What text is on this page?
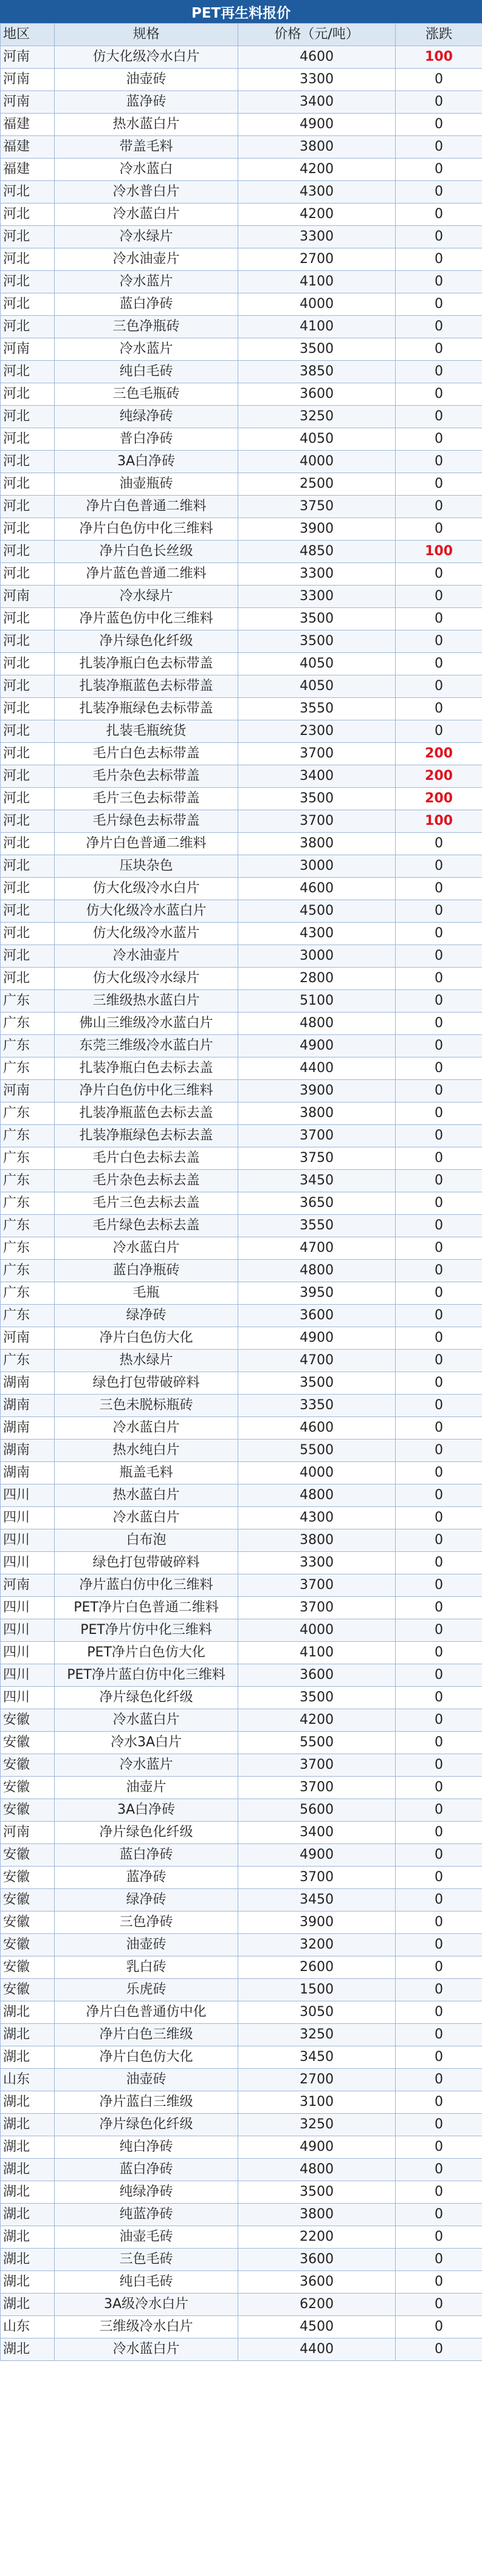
PET再生料报价
地区	规格	价格（元/吨）	涨跌
河南	仿大化级冷水白片	4600	100
河南	油壶砖	3300	0
河南	蓝净砖	3400	0
福建	热水蓝白片	4900	0
福建	带盖毛料	3800	0
福建	冷水蓝白	4200	0
河北	冷水普白片	4300	0
河北	冷水蓝白片	4200	0
河北	冷水绿片	3300	0
河北	冷水油壶片	2700	0
河北	冷水蓝片	4100	0
河北	蓝白净砖	4000	0
河北	三色净瓶砖	4100	0
河南	冷水蓝片	3500	0
河北	纯白毛砖	3850	0
河北	三色毛瓶砖	3600	0
河北	纯绿净砖	3250	0
河北	普白净砖	4050	0
河北	3A白净砖	4000	0
河北	油壶瓶砖	2500	0
河北	净片白色普通二维料	3750	0
河北	净片白色仿中化三维料	3900	0
河北	净片白色长丝级	4850	100
河北	净片蓝色普通二维料	3300	0
河南	冷水绿片	3300	0
河北	净片蓝色仿中化三维料	3500	0
河北	净片绿色化纤级	3500	0
河北	扎装净瓶白色去标带盖	4050	0
河北	扎装净瓶蓝色去标带盖	4050	0
河北	扎装净瓶绿色去标带盖	3550	0
河北	扎装毛瓶统货	2300	0
河北	毛片白色去标带盖	3700	200
河北	毛片杂色去标带盖	3400	200
河北	毛片三色去标带盖	3500	200
河北	毛片绿色去标带盖	3700	100
河北	净片白色普通二维料	3800	0
河北	压块杂色	3000	0
河北	仿大化级冷水白片	4600	0
河北	仿大化级冷水蓝白片	4500	0
河北	仿大化级冷水蓝片	4300	0
河北	冷水油壶片	3000	0
河北	仿大化级冷水绿片	2800	0
广东	三维级热水蓝白片	5100	0
广东	佛山三维级冷水蓝白片	4800	0
广东	东莞三维级冷水蓝白片	4900	0
广东	扎装净瓶白色去标去盖	4400	0
河南	净片白色仿中化三维料	3900	0
广东	扎装净瓶蓝色去标去盖	3800	0
广东	扎装净瓶绿色去标去盖	3700	0
广东	毛片白色去标去盖	3750	0
广东	毛片杂色去标去盖	3450	0
广东	毛片三色去标去盖	3650	0
广东	毛片绿色去标去盖	3550	0
广东	冷水蓝白片	4700	0
广东	蓝白净瓶砖	4800	0
广东	毛瓶	3950	0
广东	绿净砖	3600	0
河南	净片白色仿大化	4900	0
广东	热水绿片	4700	0
湖南	绿色打包带破碎料	3500	0
湖南	三色未脱标瓶砖	3350	0
湖南	冷水蓝白片	4600	0
湖南	热水纯白片	5500	0
湖南	瓶盖毛料	4000	0
四川	热水蓝白片	4800	0
四川	冷水蓝白片	4300	0
四川	白布泡	3800	0
四川	绿色打包带破碎料	3300	0
河南	净片蓝白仿中化三维料	3700	0
四川	PET净片白色普通二维料	3700	0
四川	PET净片仿中化三维料	4000	0
四川	PET净片白色仿大化	4100	0
四川	PET净片蓝白仿中化三维料	3600	0
四川	净片绿色化纤级	3500	0
安徽	冷水蓝白片	4200	0
安徽	冷水3A白片	5500	0
安徽	冷水蓝片	3700	0
安徽	油壶片	3700	0
安徽	3A白净砖	5600	0
河南	净片绿色化纤级	3400	0
安徽	蓝白净砖	4900	0
安徽	蓝净砖	3700	0
安徽	绿净砖	3450	0
安徽	三色净砖	3900	0
安徽	油壶砖	3200	0
安徽	乳白砖	2600	0
安徽	乐虎砖	1500	0
湖北	净片白色普通仿中化	3050	0
湖北	净片白色三维级	3250	0
湖北	净片白色仿大化	3450	0
山东	油壶砖	2700	0
湖北	净片蓝白三维级	3100	0
湖北	净片绿色化纤级	3250	0
湖北	纯白净砖	4900	0
湖北	蓝白净砖	4800	0
湖北	纯绿净砖	3500	0
湖北	纯蓝净砖	3800	0
湖北	油壶毛砖	2200	0
湖北	三色毛砖	3600	0
湖北	纯白毛砖	3600	0
湖北	3A级冷水白片	6200	0
山东	三维级冷水白片	4500	0
湖北	冷水蓝白片	4400	0
